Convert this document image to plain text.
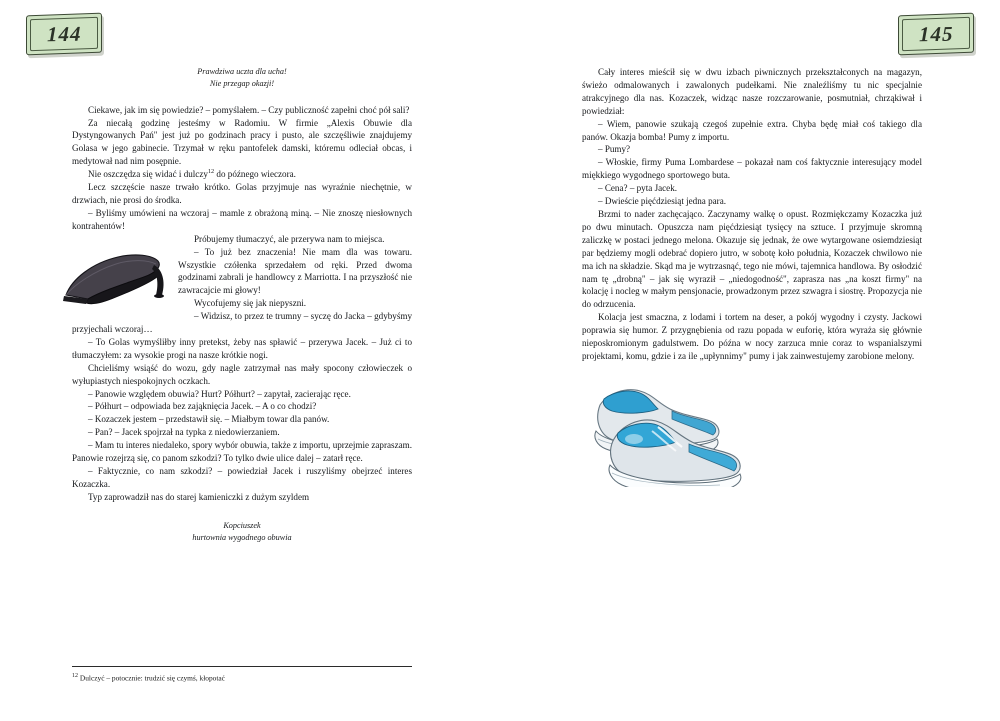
144	145
Prawdziwa uczta dla ucha!
Nie przegap okazji!

Ciekawe, jak im się powiedzie? – pomyślałem. – Czy publiczność zapełni choć pół sali?

Za niecałą godzinę jesteśmy w Radomiu. W firmie „Alexis Obuwie dla Dystyngowanych Pań" jest już po godzinach pracy i pusto, ale szczęśliwie znajdujemy Golasa w jego gabinecie. Trzymał w ręku pantofelek damski, któremu odleciał obcas, i medytował nad nim posępnie.

Nie oszczędza się widać i dulczy$^{12}$ do późnego wieczora.

Lecz szczęście nasze trwało krótko. Golas przyjmuje nas wyraźnie niechętnie, w drzwiach, nie prosi do środka.

– Byliśmy umówieni na wczoraj – mamle z obrażoną miną. – Nie znoszę niesłownych kontrahentów!

Próbujemy tłumaczyć, ale przerywa nam to miejsca.

– To już bez znaczenia! Nie mam dla was towaru. Wszystkie czółenka sprzedałem od ręki. Przed dwoma godzinami zabrali je handlowcy z Marriotta. I na przyszłość nie zawracajcie mi głowy!

Wycofujemy się jak niepyszni.

– Widzisz, to przez te trumny – syczę do Jacka – gdybyśmy przyjechali wczoraj…

– To Golas wymyśliłby inny pretekst, żeby nas spławić – przerywa Jacek. – Już ci to tłumaczyłem: za wysokie progi na nasze krótkie nogi.

Chcieliśmy wsiąść do wozu, gdy nagle zatrzymał nas mały spocony człowieczek o wyłupiastych niespokojnych oczkach.

– Panowie względem obuwia? Hurt? Półhurt? – zapytał, zacierając ręce.

– Półhurt – odpowiada bez zająknięcia Jacek. – A o co chodzi?

– Kozaczek jestem – przedstawił się. – Miałbym towar dla panów.

– Pan? – Jacek spojrzał na typka z niedowierzaniem.

– Mam tu interes niedaleko, spory wybór obuwia, także z importu, uprzejmie zapraszam. Panowie rozejrzą się, co panom szkodzi? To tylko dwie ulice dalej – zatarł ręce.

– Faktycznie, co nam szkodzi? – powiedział Jacek i ruszyliśmy obejrzeć interes Kozaczka.

Typ zaprowadził nas do starej kamieniczki z dużym szyldem

Kopciuszek
hurtownia wygodnego obuwia

Cały interes mieścił się w dwu izbach piwnicznych przekształconych na magazyn, świeżo odmalowanych i zawalonych pudełkami. Nie znaleźliśmy tu nic specjalnie atrakcyjnego dla nas. Kozaczek, widząc nasze rozczarowanie, posmutniał, chrząkiwał i powiedział:

– Wiem, panowie szukają czegoś zupełnie extra. Chyba będę miał coś takiego dla panów. Okazja bomba! Pumy z importu.

– Pumy?

– Włoskie, firmy Puma Lombardese – pokazał nam coś faktycznie interesujący model miękkiego wygodnego sportowego buta.

– Cena? – pyta Jacek.

– Dwieście pięćdziesiąt jedna para.

Brzmi to nader zachęcająco. Zaczynamy walkę o opust. Rozmiękczamy Kozaczka już po dwu minutach. Opuszcza nam pięćdziesiąt tysięcy na sztuce. I przyjmuje skromną zaliczkę w postaci jednego melona. Okazuje się jednak, że owe wytargowane osiemdziesiąt par będziemy mogli odebrać dopiero jutro, w sobotę koło południa, Kozaczek chwilowo nie ma ich na składzie. Skąd ma je wytrzasnąć, tego nie mówi, tajemnica handlowa. By osłodzić nam tę „drobną" – jak się wyraził – „niedogodność", zaprasza nas „na koszt firmy" na kolację i nocleg w małym pensjonacie, prowadzonym przez szwagra i siostrę. Propozycja nie do odrzucenia.

Kolacja jest smaczna, z lodami i tortem na deser, a pokój wygodny i czysty. Jackowi poprawia się humor. Z przygnębienia od razu popada w euforię, która wyraża się głównie nieposkromionym gadulstwem. Do późna w nocy zarzuca mnie coraz to wspanialszymi projektami, komu, gdzie i za ile „upłynnimy" pumy i jak zainwestujemy zarobione melony.

$^{12}$ Dulczyć – potocznie: trudzić się czymś, kłopotać
